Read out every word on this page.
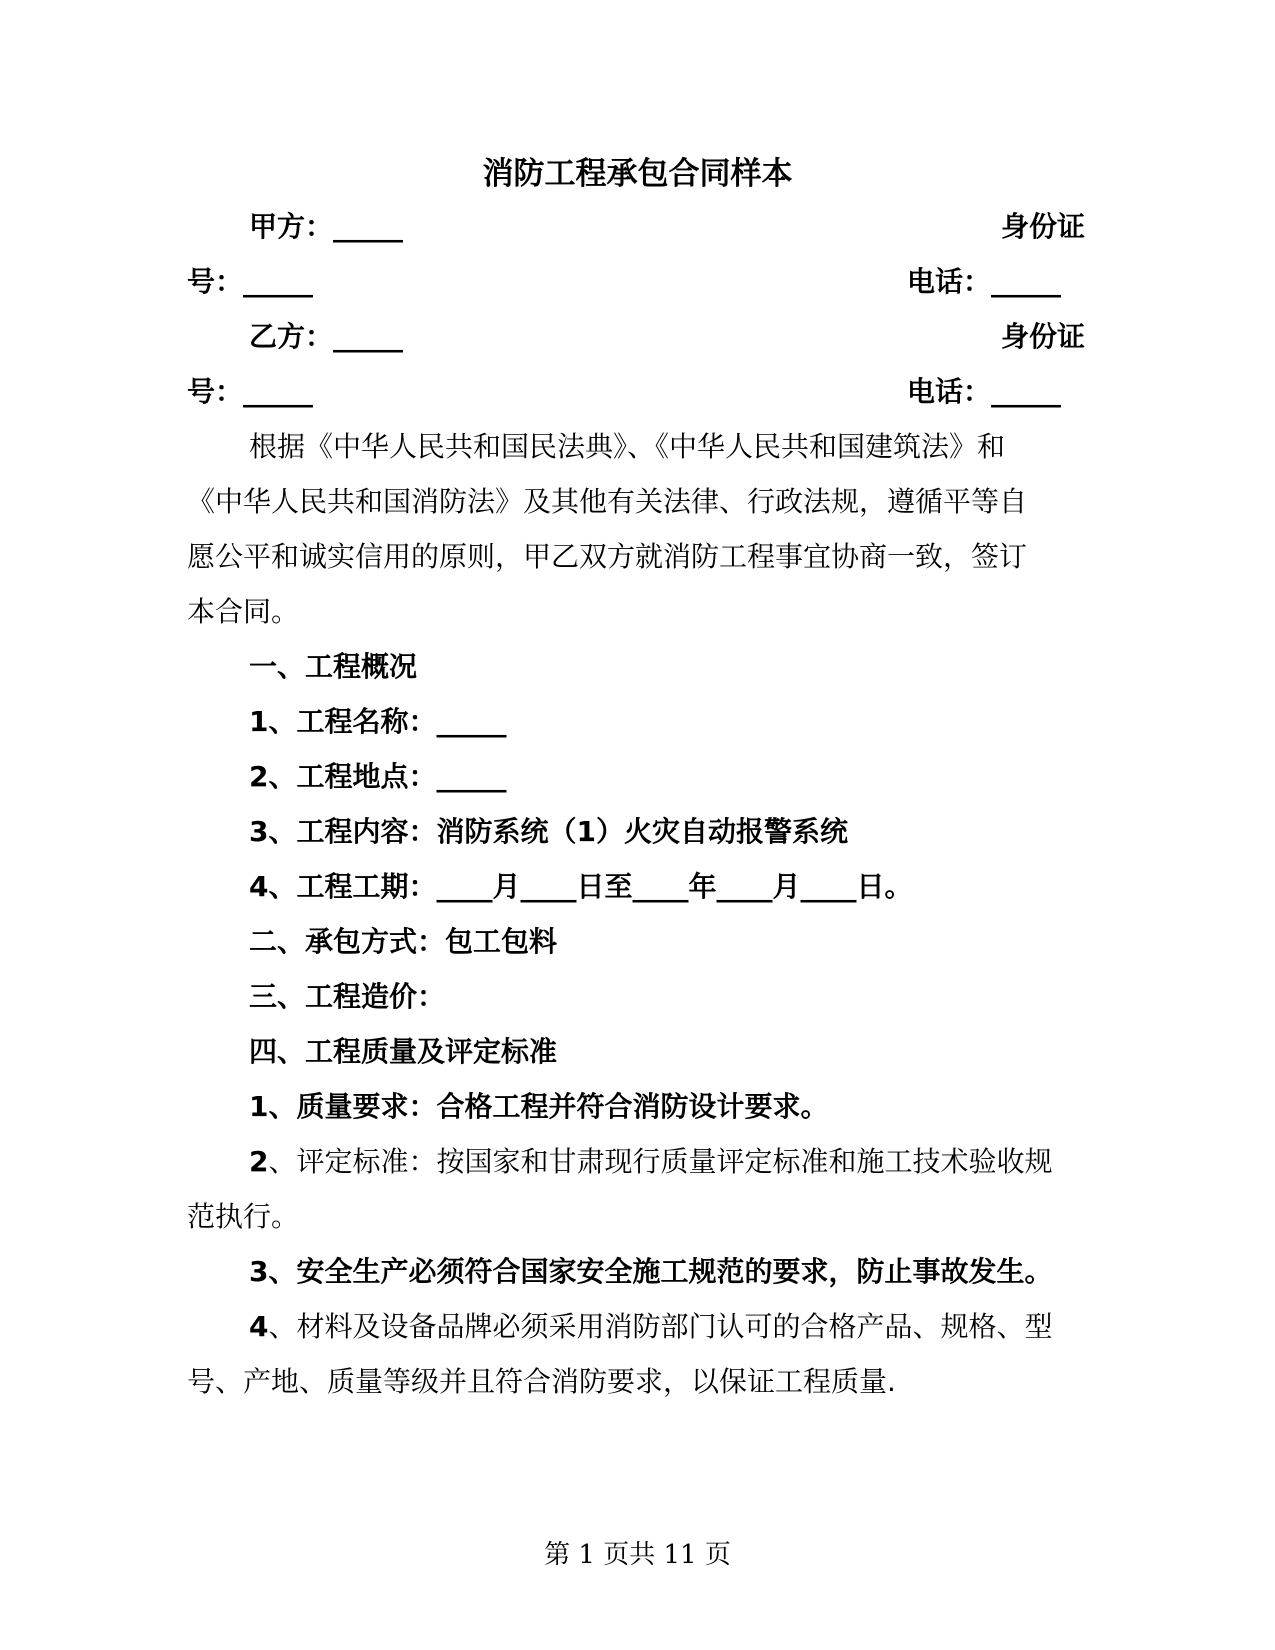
消防工程承包合同样本
甲方：_____	身份证
号：_____	电话：_____
乙方：_____	身份证
号：_____	电话：_____
根据《中华人民共和国民法典》、《中华人民共和国建筑法》和
《中华人民共和国消防法》及其他有关法律、行政法规，遵循平等自
愿公平和诚实信用的原则，甲乙双方就消防工程事宜协商一致，签订
本合同。
一、工程概况
1、工程名称：_____
2、工程地点：_____
3、工程内容：消防系统（1）火灾自动报警系统
4、工程工期：____月____日至____年____月____日。
二、承包方式：包工包料
三、工程造价：
四、工程质量及评定标准
1、质量要求：合格工程并符合消防设计要求。
2、评定标准：按国家和甘肃现行质量评定标准和施工技术验收规
范执行。
3、安全生产必须符合国家安全施工规范的要求，防止事故发生。
4、材料及设备品牌必须采用消防部门认可的合格产品、规格、型
号、产地、质量等级并且符合消防要求，以保证工程质量.
第 1 页共 11 页
